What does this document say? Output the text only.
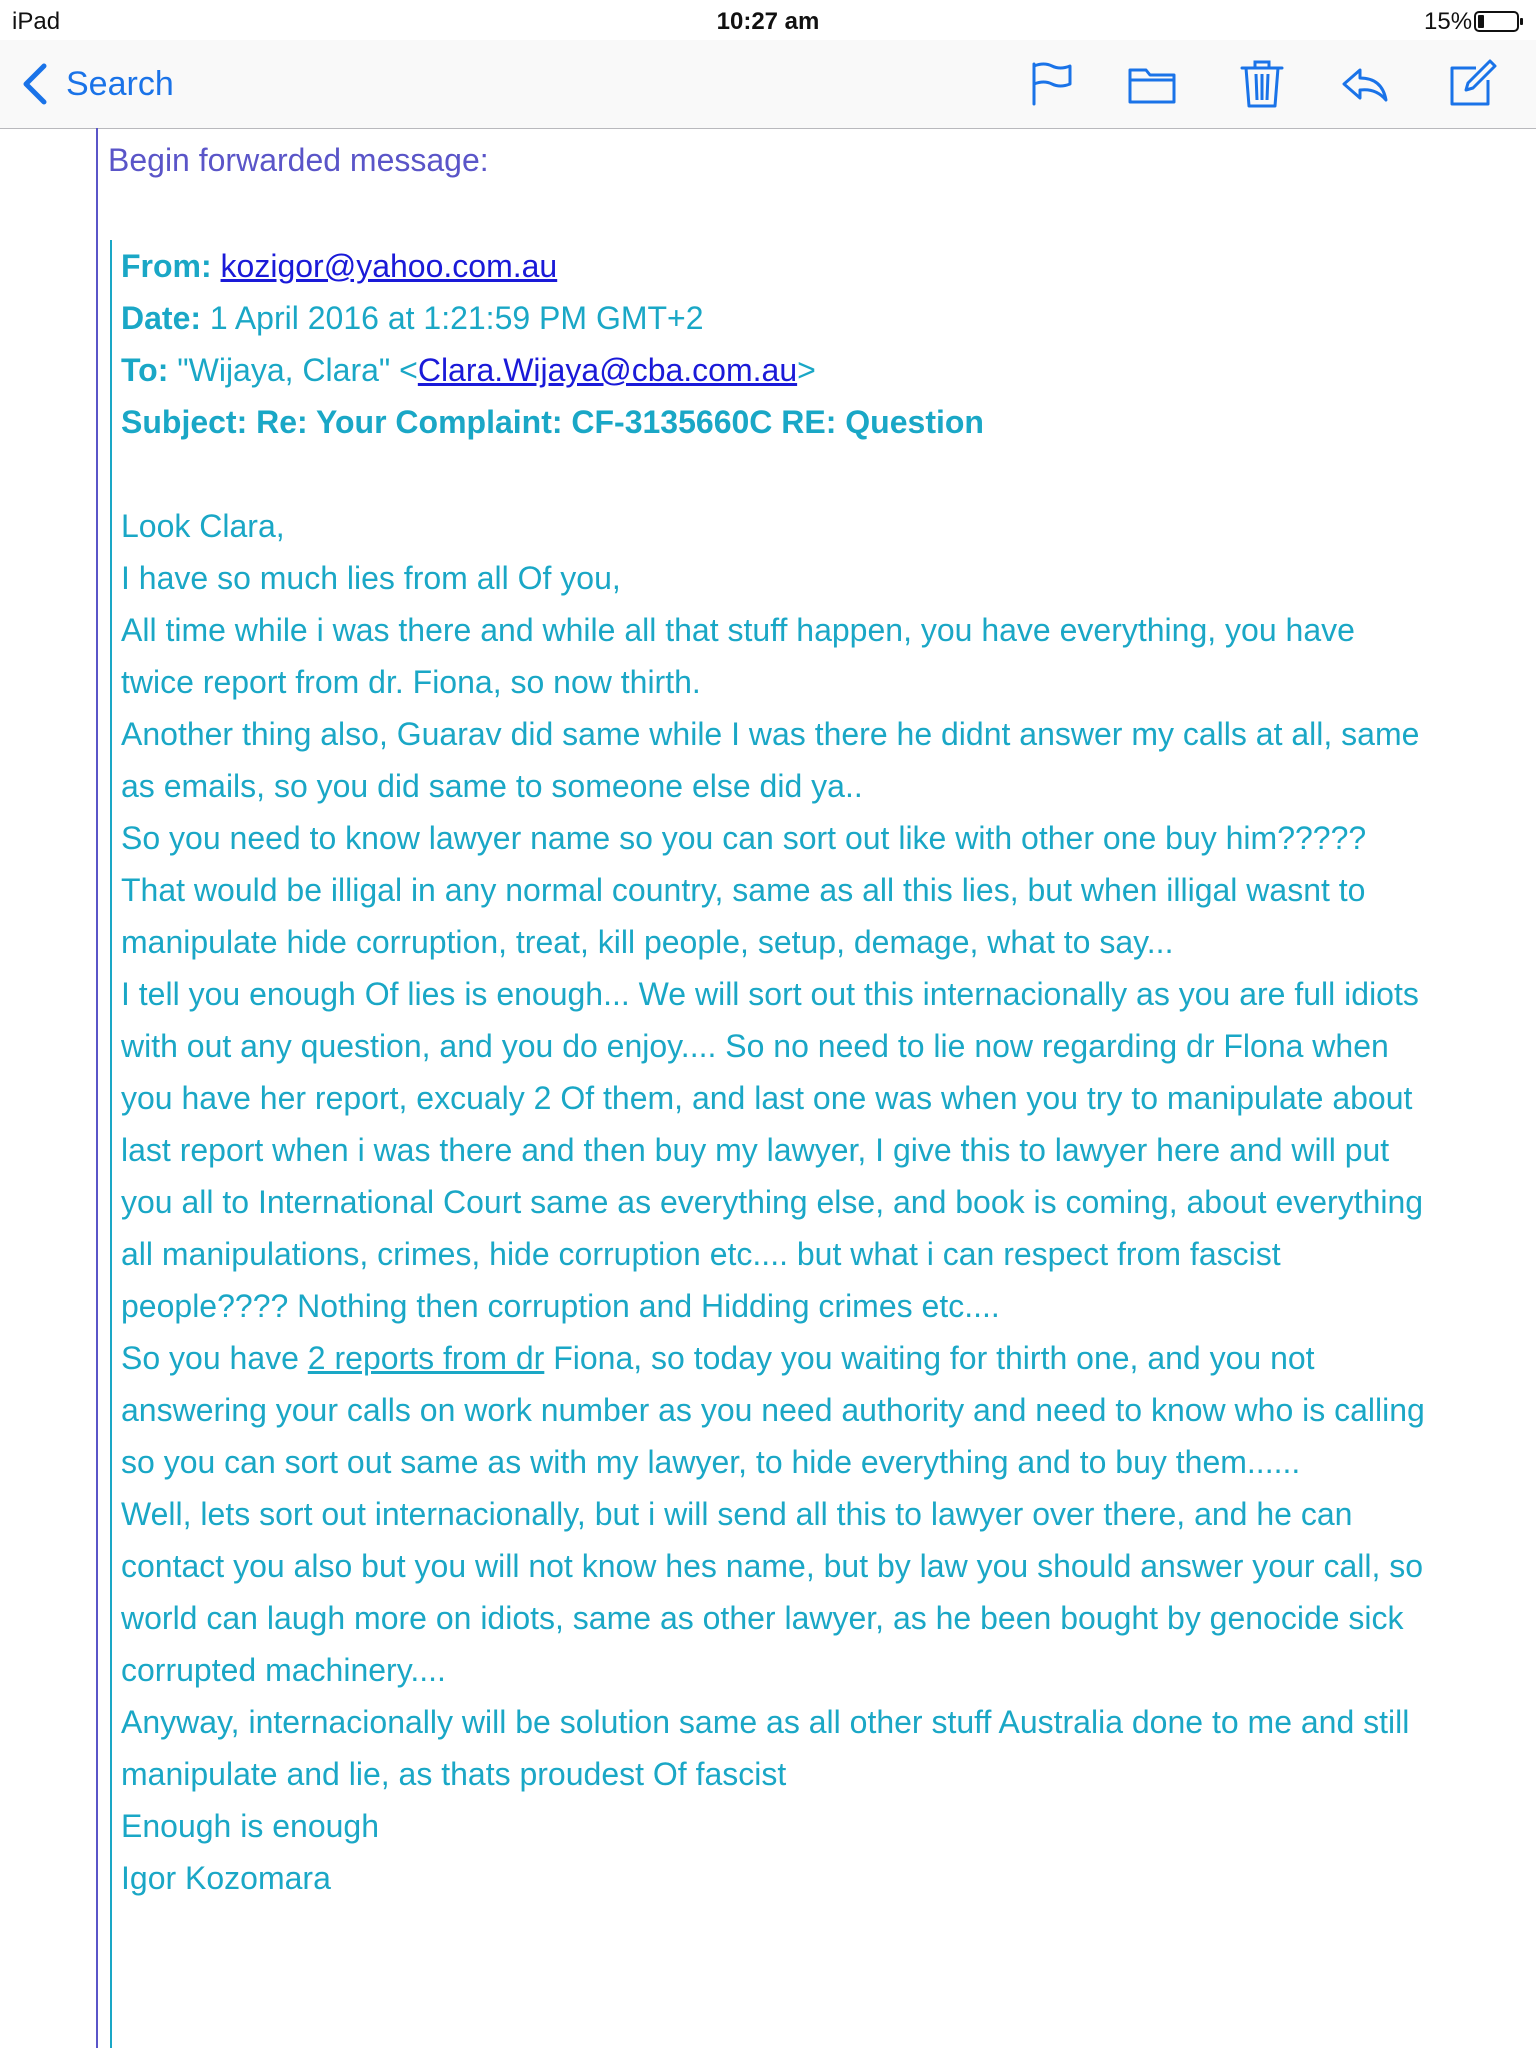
iPad	10:27 am	15%
Search
Begin forwarded message:
From: kozigor@yahoo.com.au
Date: 1 April 2016 at 1:21:59 PM GMT+2
To: "Wijaya, Clara" <Clara.Wijaya@cba.com.au>
Subject: Re: Your Complaint: CF-3135660C RE: Question
Look Clara,
I have so much lies from all Of you,
All time while i was there and while all that stuff happen, you have everything, you have twice report from dr. Fiona, so now thirth.
Another thing also, Guarav did same while I was there he didnt answer my calls at all, same as emails, so you did same to someone else did ya..
So you need to know lawyer name so you can sort out like with other one buy him????? That would be illigal in any normal country, same as all this lies, but when illigal wasnt to manipulate hide corruption, treat, kill people, setup, demage, what to say...
I tell you enough Of lies is enough... We will sort out this internacionally as you are full idiots with out any question, and you do enjoy.... So no need to lie now regarding dr Flona when you have her report, excualy 2 Of them, and last one was when you try to manipulate about last report when i was there and then buy my lawyer, I give this to lawyer here and will put you all to International Court same as everything else, and book is coming, about everything all manipulations, crimes, hide corruption etc.... but what i can respect from fascist people???? Nothing then corruption and Hidding crimes etc....
So you have 2 reports from dr Fiona, so today you waiting for thirth one, and you not answering your calls on work number as you need authority and need to know who is calling so you can sort out same as with my lawyer, to hide everything and to buy them......
Well, lets sort out internacionally, but i will send all this to lawyer over there, and he can contact you also but you will not know hes name, but by law you should answer your call, so world can laugh more on idiots, same as other lawyer, as he been bought by genocide sick corrupted machinery....
Anyway, internacionally will be solution same as all other stuff Australia done to me and still manipulate and lie, as thats proudest Of fascist
Enough is enough
Igor Kozomara
